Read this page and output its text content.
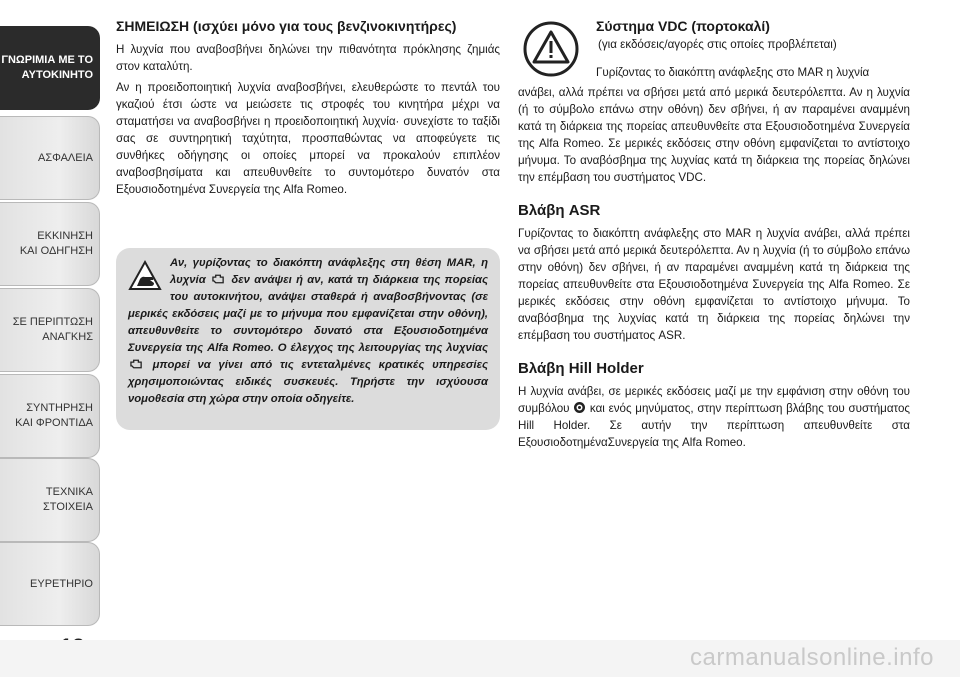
ΓΝΩΡΙΜΙΑ ΜΕ ΤΟ
ΑΥΤΟΚΙΝΗΤΟ
ΑΣΦΑΛΕΙΑ
ΕΚΚΙΝΗΣΗ
ΚΑΙ ΟΔΗΓΗΣΗ
ΣΕ ΠΕΡΙΠΤΩΣΗ
ΑΝΑΓΚΗΣ
ΣΥΝΤΗΡΗΣΗ
ΚΑΙ ΦΡΟΝΤΙΔΑ
ΤΕΧΝΙΚΑ
ΣΤΟΙΧΕΙΑ
ΕΥΡΕΤΗΡΙΟ
ΣΗΜΕΙΩΣΗ (ισχύει μόνο για τους βενζινοκινητήρες)

Η λυχνία που αναβοσβήνει δηλώνει την πιθανότητα πρόκλησης ζημιάς στον καταλύτη.

Αν η προειδοποιητική λυχνία αναβοσβήνει, ελευθερώστε το πεντάλ του γκαζιού έτσι ώστε να μειώσετε τις στροφές του κινητήρα μέχρι να σταματήσει να αναβοσβήνει η προειδοποιητική λυχνία· συνεχίστε το ταξίδι σας σε συντηρητική ταχύτητα, προσπαθώντας να αποφεύγετε τις συνθήκες οδήγησης οι οποίες μπορεί να προκαλούν επιπλέον αναβοσβησίματα και απευθυνθείτε το συντομότερο δυνατόν στα Εξουσιοδοτημένα Συνεργεία της Alfa Romeo.

Αν, γυρίζοντας το διακόπτη ανάφλεξης στη θέση MAR, η λυχνία δεν ανάψει ή αν, κατά τη διάρκεια της πορείας του αυτοκινήτου, ανάψει σταθερά ή αναβοσβήνοντας (σε μερικές εκδόσεις μαζί με το μήνυμα που εμφανίζεται στην οθόνη), απευθυνθείτε το συντομότερο δυνατό στα Εξουσιοδοτημένα Συνεργεία της Alfa Romeo. Ο έλεγχος της λειτουργίας της λυχνίας  μπορεί να γίνει από τις εντεταλμένες κρατικές υπηρεσίες χρησιμοποιώντας ειδικές συσκευές. Τηρήστε την ισχύουσα νομοθεσία στη χώρα στην οποία οδηγείτε.

Σύστημα VDC (πορτοκαλί)
(για εκδόσεις/αγορές στις οποίες προβλέπεται)
Γυρίζοντας το διακόπτη ανάφλεξης στο MAR η λυχνία

ανάβει, αλλά πρέπει να σβήσει μετά από μερικά δευτερόλεπτα. Αν η λυχνία (ή το σύμβολο επάνω στην οθόνη) δεν σβήνει, ή αν παραμένει αναμμένη κατά τη διάρκεια της πορείας απευθυνθείτε στα Εξουσιοδοτημένα Συνεργεία της Alfa Romeo. Σε μερικές εκδόσεις στην οθόνη εμφανίζεται το αντίστοιχο μήνυμα. Το αναβόσβημα της λυχνίας κατά τη διάρκεια της πορείας δηλώνει την επέμβαση του συστήματος VDC.

Βλάβη ASR

Γυρίζοντας το διακόπτη ανάφλεξης στο MAR η λυχνία ανάβει, αλλά πρέπει να σβήσει μετά από μερικά δευτερόλεπτα. Αν η λυχνία (ή το σύμβολο επάνω στην οθόνη) δεν σβήνει, ή αν παραμένει αναμμένη κατά τη διάρκεια της πορείας απευθυνθείτε στα Εξουσιοδοτημένα Συνεργεία της Alfa Romeo. Σε μερικές εκδόσεις στην οθόνη εμφανίζεται το αντίστοιχο μήνυμα. Το αναβόσβημα της λυχνίας κατά τη διάρκεια της πορείας δηλώνει την επέμβαση του συστήματος ASR.

Βλάβη Hill Holder

Η λυχνία ανάβει, σε μερικές εκδόσεις μαζί με την εμφάνιση στην οθόνη του συμβόλου και ενός μηνύματος, στην περίπτωση βλάβης του συστήματος Hill Holder. Σε αυτήν την περίπτωση απευθυνθείτε στα ΕξουσιοδοτημέναΣυνεργεία της Alfa Romeo.

carmanualsonline.info
